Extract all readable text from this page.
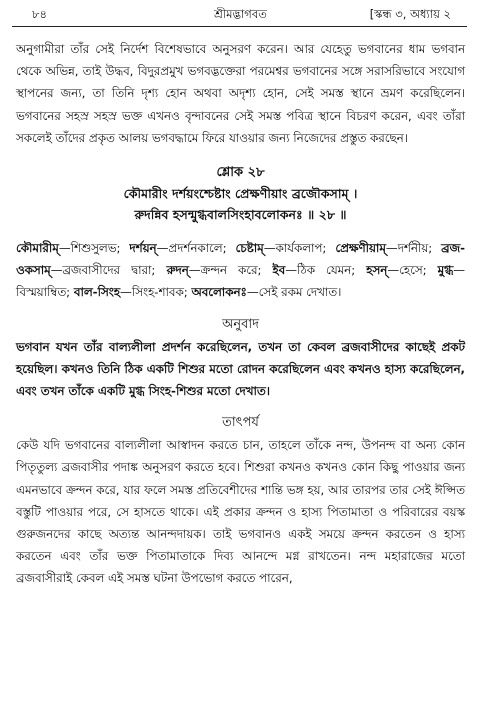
৮৪	শ্রীমদ্ভাগবত	[স্কন্ধ ৩, অধ্যায় ২

অনুগামীরা তাঁর সেই নির্দেশ বিশেষভাবে অনুসরণ করেন। আর যেহেতু ভগবানের ধাম ভগবান থেকে অভিন্ন, তাই উদ্ধব, বিদুরপ্রমুখ ভগবদ্ভক্তেরা পরমেশ্বর ভগবানের সঙ্গে সরাসরিভাবে সংযোগ স্থাপনের জন্য, তা তিনি দৃশ্য হোন অথবা অদৃশ্য হোন, সেই সমস্ত স্থানে ভ্রমণ করেছিলেন। ভগবানের সহস্র সহস্র ভক্ত এখনও বৃন্দাবনের সেই সমস্ত পবিত্র স্থানে বিচরণ করেন, এবং তাঁরা সকলেই তাঁদের প্রকৃত আলয় ভগবদ্ধামে ফিরে যাওয়ার জন্য নিজেদের প্রস্তুত করছেন।

শ্লোক ২৮
কৌমারীং দর্শয়ংশ্চেষ্টাং প্রেক্ষণীয়াং ব্রজৌকসাম্ ।
রুদন্নিব হসন্মুগ্ধবালসিংহাবলোকনঃ ॥ ২৮ ॥
কৌমারীম্—শিশুসুলভ; দর্শয়ন্—প্রদর্শনকালে; চেষ্টাম্—কার্যকলাপ; প্রেক্ষণীয়াম্—দর্শনীয়; ব্রজ-ওকসাম্—ব্রজবাসীদের দ্বারা; রুদন্—ক্রন্দন করে; ইব—ঠিক যেমন; হসন্—হেসে; মুগ্ধ—বিস্ময়াম্বিত; বাল-সিংহ—সিংহ-শাবক; অবলোকনঃ—সেই রকম দেখাত।
অনুবাদ

ভগবান যখন তাঁর বাল্যলীলা প্রদর্শন করেছিলেন, তখন তা কেবল ব্রজবাসীদের কাছেই প্রকট হয়েছিল। কখনও তিনি ঠিক একটি শিশুর মতো রোদন করেছিলেন এবং কখনও হাস্য করেছিলেন, এবং তখন তাঁকে একটি মুগ্ধ সিংহ-শিশুর মতো দেখাত।

তাৎপর্য

কেউ যদি ভগবানের বাল্যলীলা আস্বাদন করতে চান, তাহলে তাঁকে নন্দ, উপনন্দ বা অন্য কোন পিতৃতুল্য ব্রজবাসীর পদাঙ্ক অনুসরণ করতে হবে। শিশুরা কখনও কখনও কোন কিছু পাওয়ার জন্য এমনভাবে ক্রন্দন করে, যার ফলে সমস্ত প্রতিবেশীদের শান্তি ভঙ্গ হয়, আর তারপর তার সেই ঈপ্সিত বস্তুটি পাওয়ার পরে, সে হাসতে থাকে। এই প্রকার ক্রন্দন ও হাস্য পিতামাতা ও পরিবারের বয়স্ক গুরুজনদের কাছে অত্যন্ত আনন্দদায়ক। তাই ভগবানও একই সময়ে ক্রন্দন করতেন ও হাস্য করতেন এবং তাঁর ভক্ত পিতামাতাকে দিব্য আনন্দে মগ্ন রাখতেন। নন্দ মহারাজের মতো ব্রজবাসীরাই কেবল এই সমস্ত ঘটনা উপভোগ করতে পারেন,
